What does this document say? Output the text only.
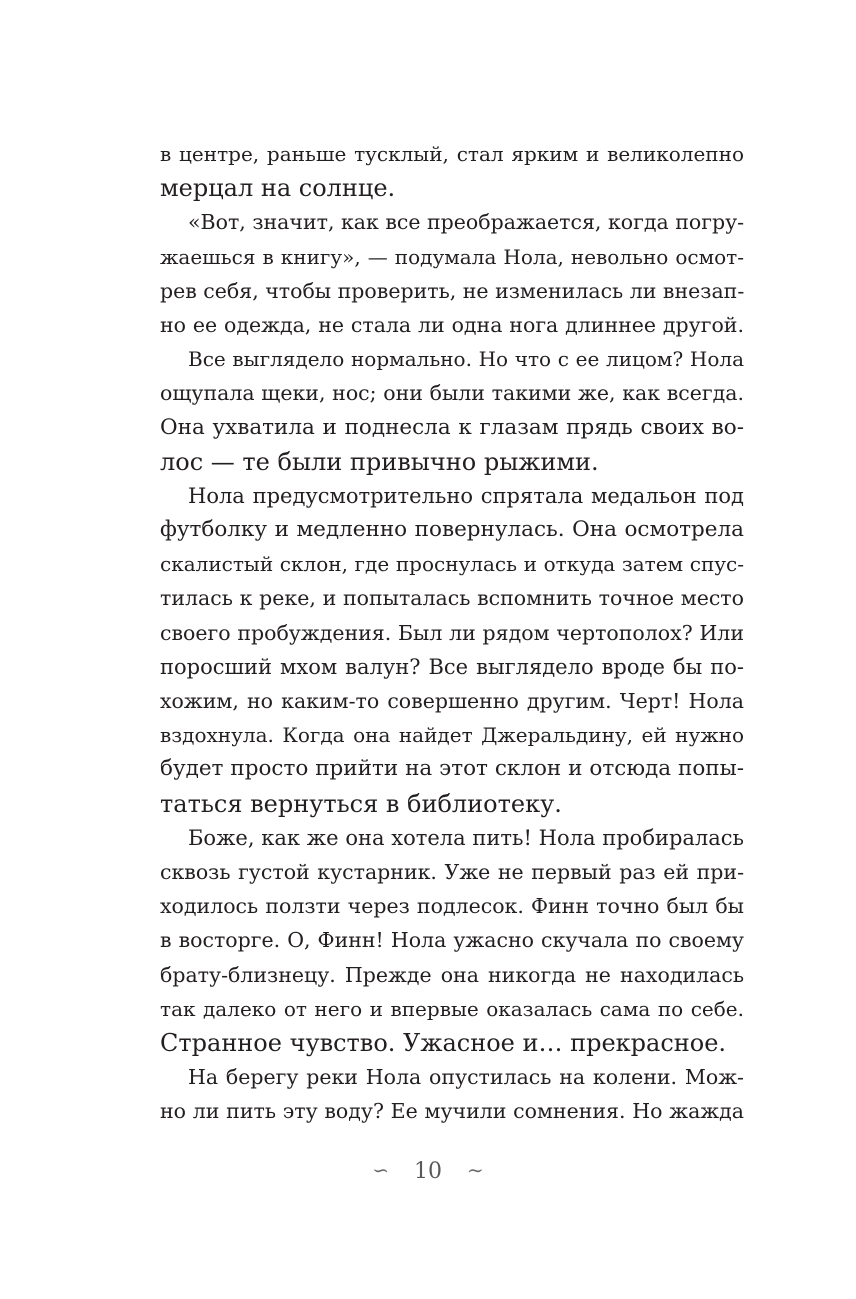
в центре, раньше тусклый, стал ярким и великолепно
мерцал на солнце.
«Вот, значит, как все преображается, когда погру-
жаешься в книгу», — подумала Нола, невольно осмот-
рев себя, чтобы проверить, не изменилась ли внезап-
но ее одежда, не стала ли одна нога длиннее другой.
Все выглядело нормально. Но что с ее лицом? Нола
ощупала щеки, нос; они были такими же, как всегда.
Она ухватила и поднесла к глазам прядь своих во-
лос — те были привычно рыжими.
Нола предусмотрительно спрятала медальон под
футболку и медленно повернулась. Она осмотрела
скалистый склон, где проснулась и откуда затем спус-
тилась к реке, и попыталась вспомнить точное место
своего пробуждения. Был ли рядом чертополох? Или
поросший мхом валун? Все выглядело вроде бы по-
хожим, но каким-то совершенно другим. Черт! Нола
вздохнула. Когда она найдет Джеральдину, ей нужно
будет просто прийти на этот склон и отсюда попы-
таться вернуться в библиотеку.
Боже, как же она хотела пить! Нола пробиралась
сквозь густой кустарник. Уже не первый раз ей при-
ходилось ползти через подлесок. Финн точно был бы
в восторге. О, Финн! Нола ужасно скучала по своему
брату-близнецу. Прежде она никогда не находилась
так далеко от него и впервые оказалась сама по себе.
Странное чувство. Ужасное и… прекрасное.
На берегу реки Нола опустилась на колени. Мож-
но ли пить эту воду? Ее мучили сомнения. Но жажда
∽ 10 ∼
